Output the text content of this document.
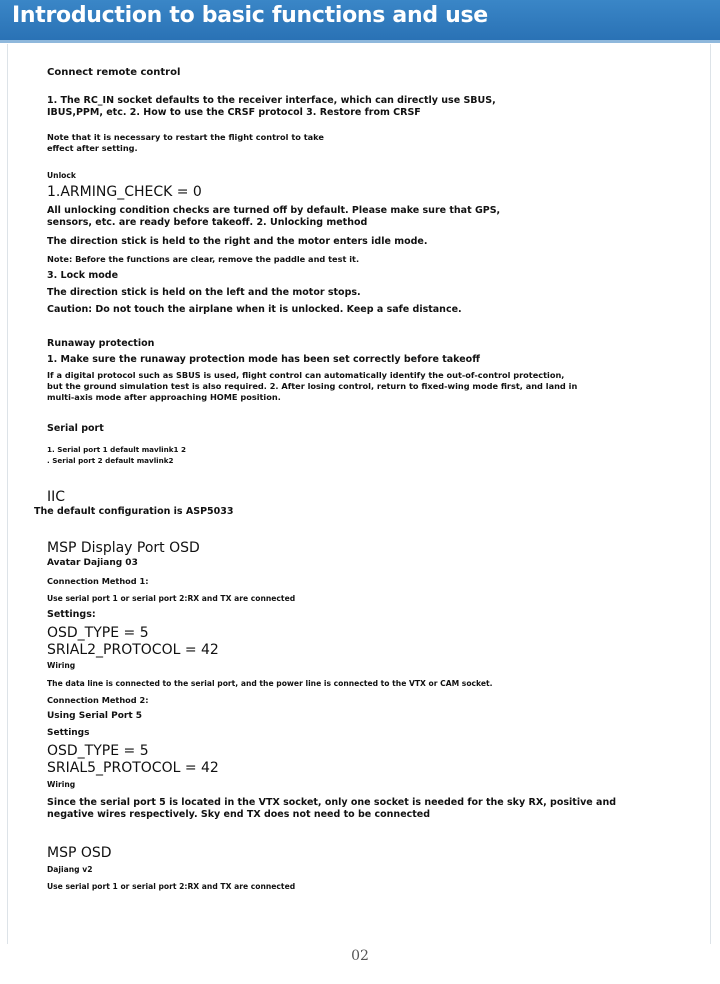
Introduction to basic functions and use
Connect remote control
1. The RC_IN socket defaults to the receiver interface, which can directly use SBUS,
IBUS,PPM, etc. 2. How to use the CRSF protocol 3. Restore from CRSF
Note that it is necessary to restart the flight control to take
effect after setting.
Unlock
1.ARMING_CHECK = 0
All unlocking condition checks are turned off by default. Please make sure that GPS,
sensors, etc. are ready before takeoff. 2. Unlocking method
The direction stick is held to the right and the motor enters idle mode.
Note: Before the functions are clear, remove the paddle and test it.
3. Lock mode
The direction stick is held on the left and the motor stops.
Caution: Do not touch the airplane when it is unlocked. Keep a safe distance.
Runaway protection
1. Make sure the runaway protection mode has been set correctly before takeoff
If a digital protocol such as SBUS is used, flight control can automatically identify the out-of-control protection,
but the ground simulation test is also required. 2. After losing control, return to fixed-wing mode first, and land in
multi-axis mode after approaching HOME position.
Serial port
1. Serial port 1 default mavlink1 2
. Serial port 2 default mavlink2
IIC
The default configuration is ASP5033
MSP Display Port OSD
Avatar Dajiang 03
Connection Method 1:
Use serial port 1 or serial port 2:RX and TX are connected
Settings:
OSD_TYPE = 5
SRIAL2_PROTOCOL = 42
Wiring
The data line is connected to the serial port, and the power line is connected to the VTX or CAM socket.
Connection Method 2:
Using Serial Port 5
Settings
OSD_TYPE = 5
SRIAL5_PROTOCOL = 42
Wiring
Since the serial port 5 is located in the VTX socket, only one socket is needed for the sky RX, positive and
negative wires respectively. Sky end TX does not need to be connected
MSP OSD
Dajiang v2
Use serial port 1 or serial port 2:RX and TX are connected
02
